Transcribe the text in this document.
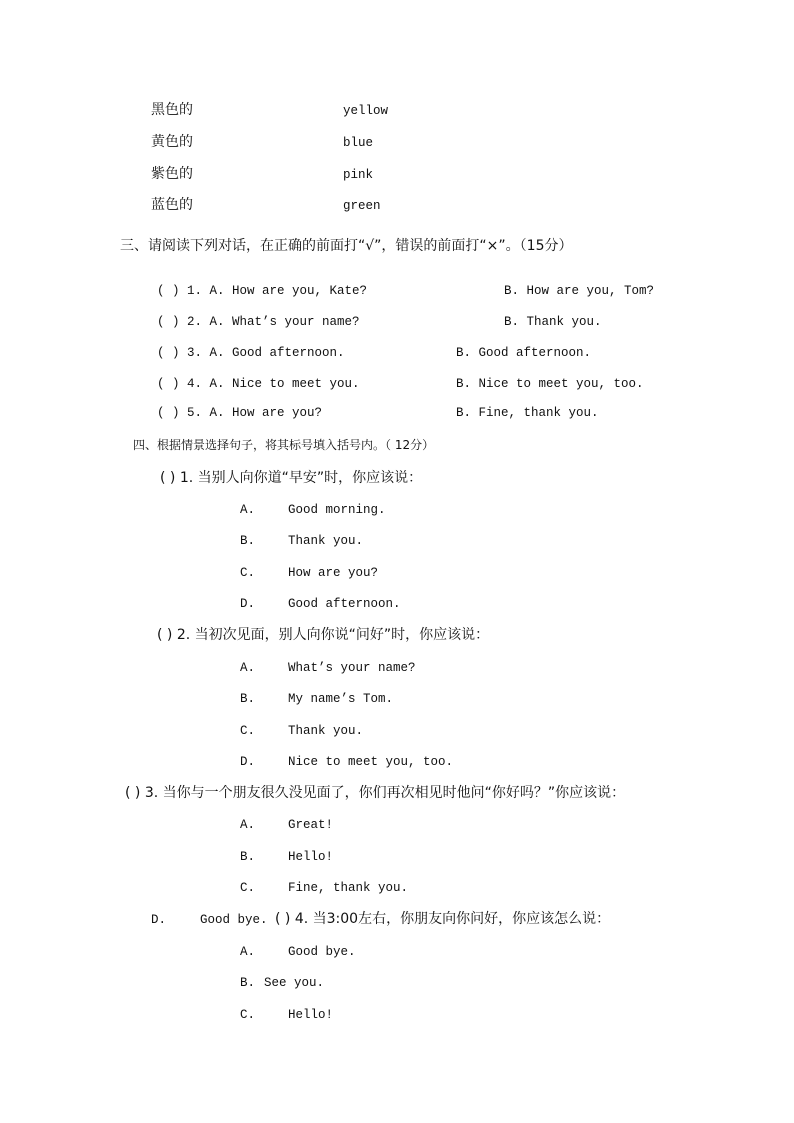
黑色的	yellow
黄色的	blue
紫色的	pink
蓝色的	green
三、请阅读下列对话，在正确的前面打“√”，错误的前面打“×”。（15分）
( ) 1. A. How are you, Kate?	B. How are you, Tom?
( ) 2. A. What’s your name?	B. Thank you.
( ) 3. A. Good afternoon.	B. Good afternoon.
( ) 4. A. Nice to meet you.	B. Nice to meet you, too.
( ) 5. A. How are you?	B. Fine, thank you.
四、根据情景选择句子，将其标号填入括号内。（ 12分）
( ) 1. 当别人向你道“早安”时，你应该说：
A.	Good morning.
B.	Thank you.
C.	How are you?
D.	Good afternoon.
( ) 2. 当初次见面，别人向你说“问好”时，你应该说：
A.	What’s your name?
B.	My name’s Tom.
C.	Thank you.
D.	Nice to meet you, too.
( ) 3. 当你与一个朋友很久没见面了，你们再次相见时他问“你好吗？”你应该说：
A.	Great!
B.	Hello!
C.	Fine, thank you.
D.	Good bye. ( ) 4. 当3:00左右，你朋友向你问好，你应该怎么说：
A.	Good bye.
B. See you.
C.	Hello!
